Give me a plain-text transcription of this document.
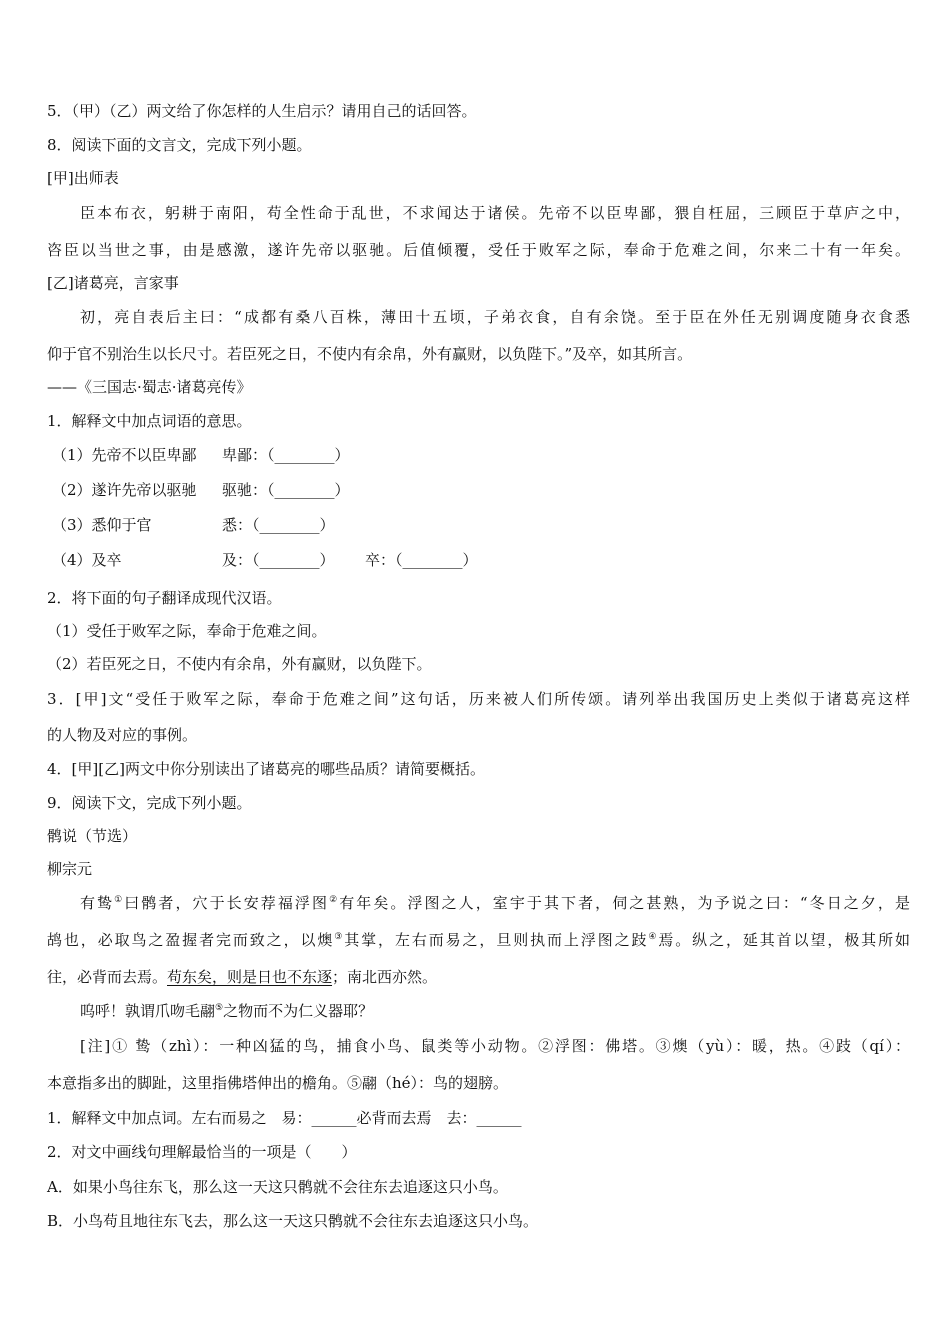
5．（甲）（乙）两文给了你怎样的人生启示？请用自己的话回答。
8．阅读下面的文言文，完成下列小题。
[甲]出师表
臣本布衣，躬耕于南阳，苟全性命于乱世，不求闻达于诸侯。先帝不以臣卑鄙，猥自枉屈，三顾臣于草庐之中，
咨臣以当世之事，由是感激，遂许先帝以驱驰。后值倾覆，受任于败军之际，奉命于危难之间，尔来二十有一年矣。
[乙]诸葛亮，言家事
初，亮自表后主曰：“成都有桑八百株，薄田十五顷，子弟衣食，自有余饶。至于臣在外任无别调度随身衣食悉
仰于官不别治生以长尺寸。若臣死之日，不使内有余帛，外有赢财，以负陛下。”及卒，如其所言。
——《三国志·蜀志·诸葛亮传》
1．解释文中加点词语的意思。
（1）先帝不以臣卑鄙 卑鄙：（________）
（2）遂许先帝以驱驰 驱驰：（________）
（3）悉仰于官	悉：（________）
（4）及卒	及：（________） 卒：（________）
2．将下面的句子翻译成现代汉语。
（1）受任于败军之际，奉命于危难之间。
（2）若臣死之日，不使内有余帛，外有赢财，以负陛下。
3．[甲]文“受任于败军之际，奉命于危难之间”这句话，历来被人们所传颂。请列举出我国历史上类似于诸葛亮这样
的人物及对应的事例。
4．[甲][乙]两文中你分别读出了诸葛亮的哪些品质？请简要概括。
9．阅读下文，完成下列小题。
鹘说（节选）
柳宗元
有鸷①曰鹘者，穴于长安荐福浮图②有年矣。浮图之人，室宇于其下者，伺之甚熟，为予说之曰：“冬日之夕，是
鸪也，必取鸟之盈握者完而致之，以燠③其掌，左右而易之，旦则执而上浮图之跂④焉。纵之，延其首以望，极其所如
往，必背而去焉。苟东矣，则是日也不东逐；南北西亦然。
呜呼！孰谓爪吻毛翮⑤之物而不为仁义器耶？
[注]① 鸷（zhì）：一种凶猛的鸟，捕食小鸟、鼠类等小动物。②浮图：佛塔。③燠（yù）：暖，热。④跂（qí）：
本意指多出的脚趾，这里指佛塔伸出的檐角。⑤翮（hé）：鸟的翅膀。
1．解释文中加点词。左右而易之　易：______必背而去焉　去：______
2．对文中画线句理解最恰当的一项是（　　）
A．如果小鸟往东飞，那么这一天这只鹘就不会往东去追逐这只小鸟。
B．小鸟苟且地往东飞去，那么这一天这只鹘就不会往东去追逐这只小鸟。
